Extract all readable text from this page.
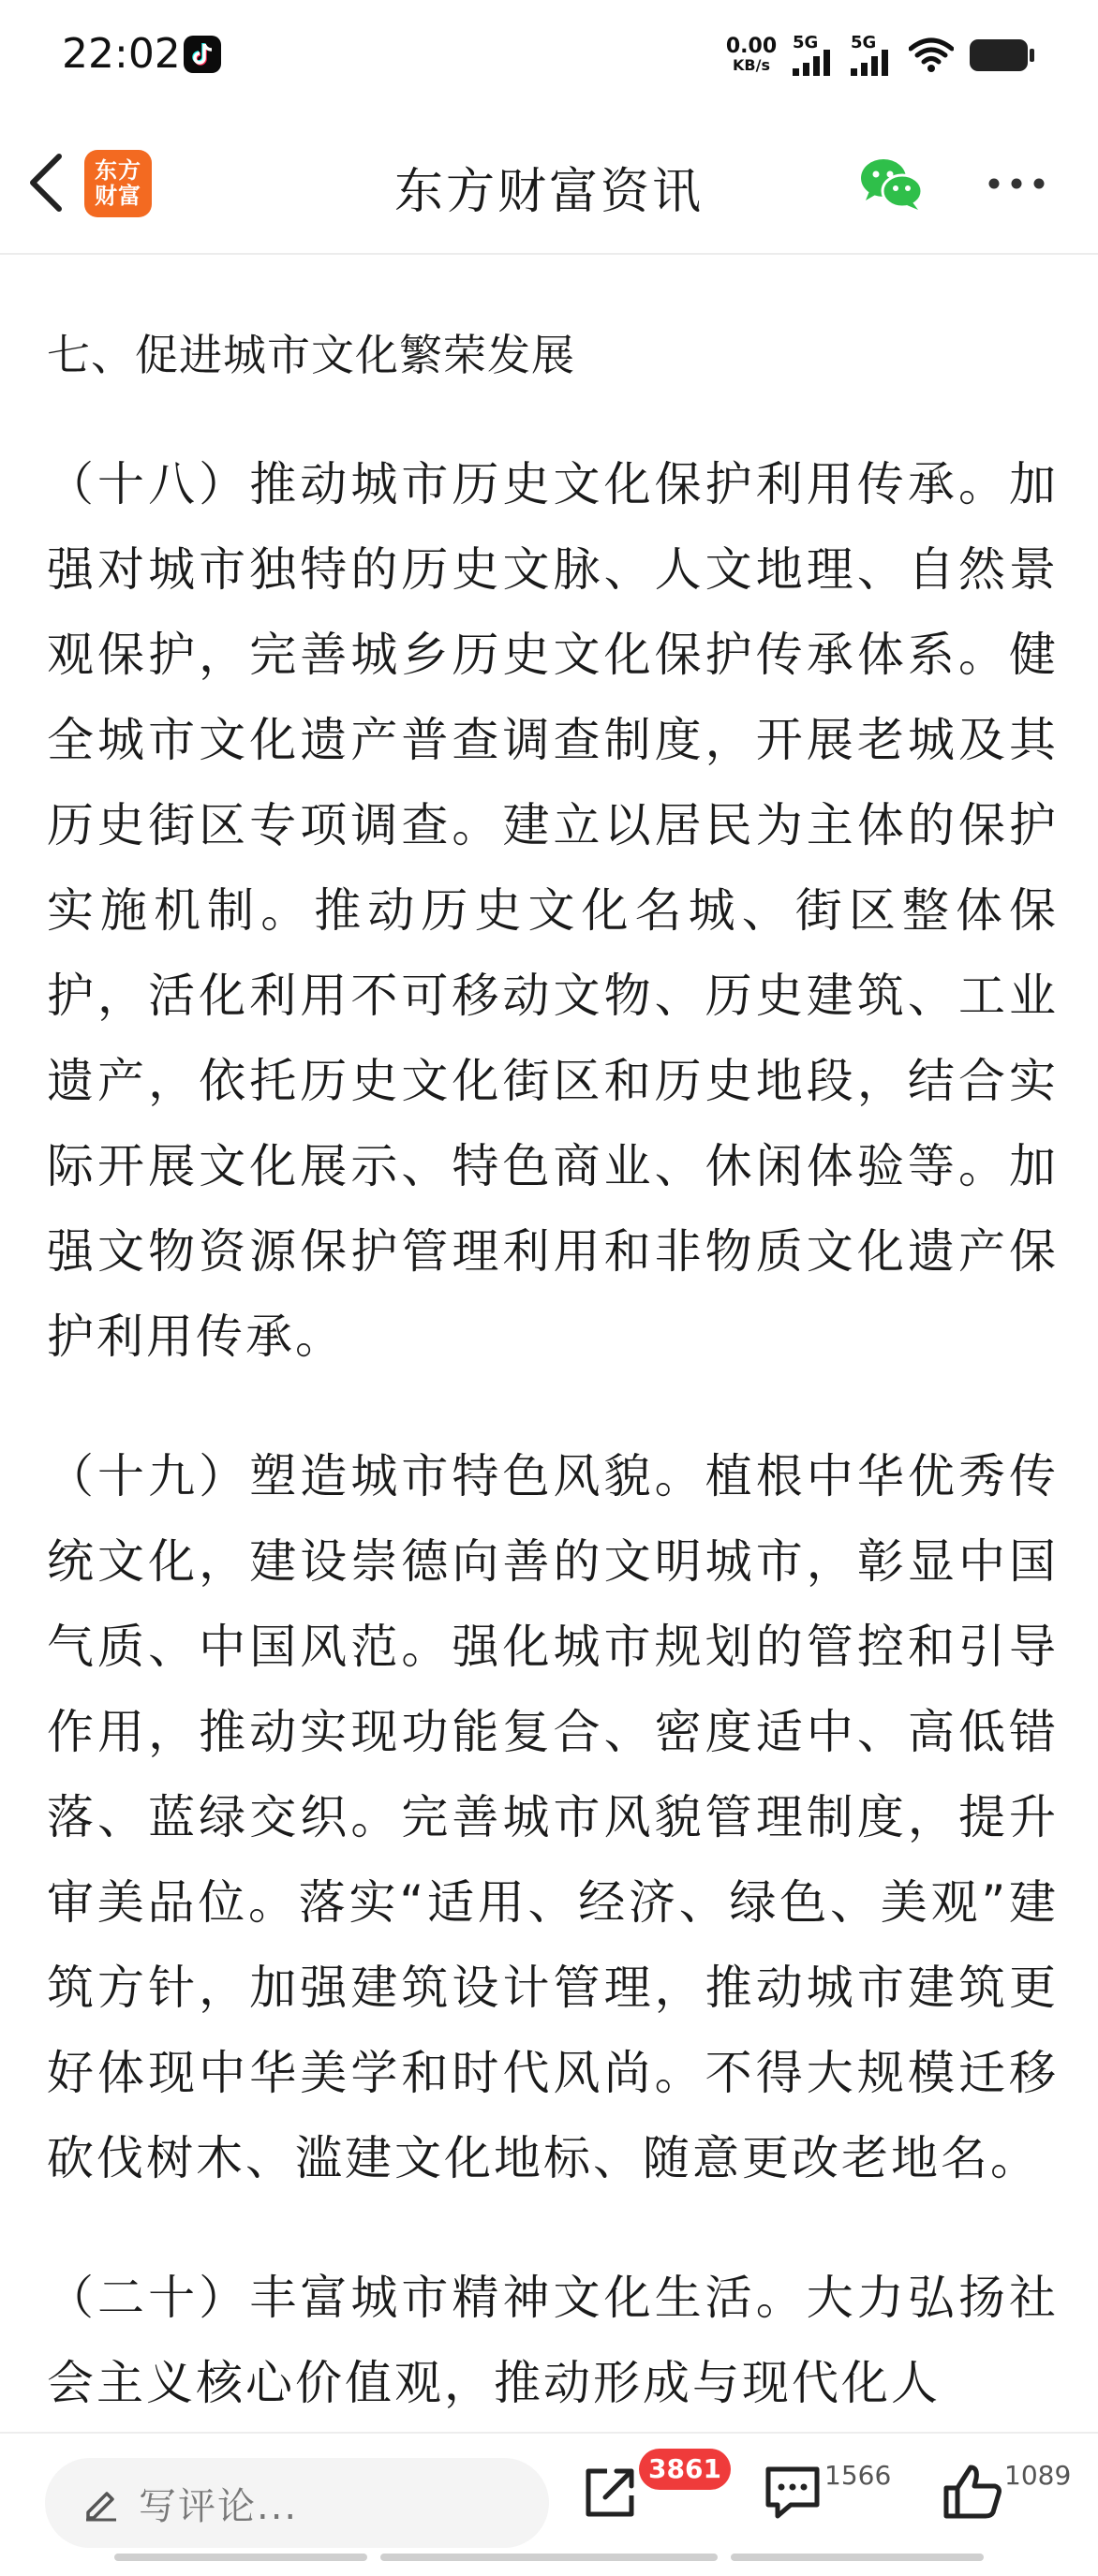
22:02	0.00
KB/s
5G 5G
东方
财富	东方财富资讯
七、促进城市文化繁荣发展

（十八）推动城市历史文化保护利用传承。加强对城市独特的历史文脉、人文地理、自然景观保护，完善城乡历史文化保护传承体系。健全城市文化遗产普查调查制度，开展老城及其历史街区专项调查。建立以居民为主体的保护实施机制。推动历史文化名城、街区整体保护，活化利用不可移动文物、历史建筑、工业遗产，依托历史文化街区和历史地段，结合实际开展文化展示、特色商业、休闲体验等。加强文物资源保护管理利用和非物质文化遗产保护利用传承。

（十九）塑造城市特色风貌。植根中华优秀传统文化，建设崇德向善的文明城市，彰显中国气质、中国风范。强化城市规划的管控和引导作用，推动实现功能复合、密度适中、高低错落、蓝绿交织。完善城市风貌管理制度，提升审美品位。落实“适用、经济、绿色、美观”建筑方针，加强建筑设计管理，推动城市建筑更好体现中华美学和时代风尚。不得大规模迁移砍伐树木、滥建文化地标、随意更改老地名。

（二十）丰富城市精神文化生活。大力弘扬社会主义核心价值观，推动形成与现代化人

写评论...
3861	1566	1089
